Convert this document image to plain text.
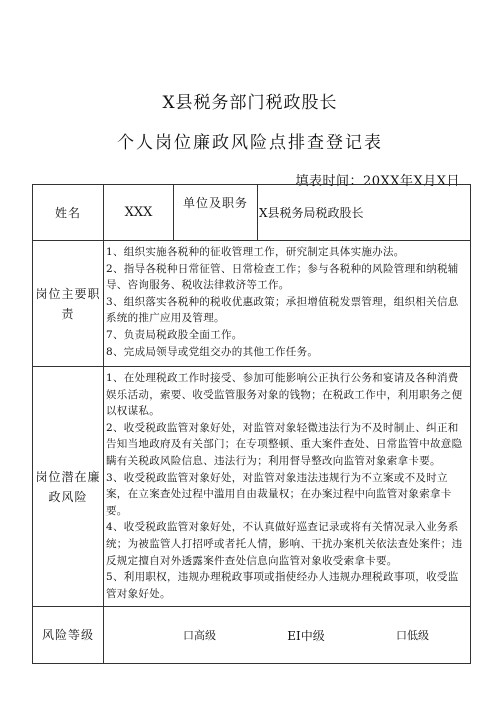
X县税务部门税政股长
个人岗位廉政风险点排查登记表
填表时间：20XX年X月X日
姓名	XXX	单位及职务	X县税务局税政股长
岗位主要职责	1、组织实施各税种的征收管理工作，研究制定具体实施办法。

2、指导各税种日常征管、日常检查工作；参与各税种的风险管理和纳税辅导、咨询服务、税收法律救济等工作。

3、组织落实各税种的税收优惠政策；承担增值税发票管理，组织相关信息系统的推广应用及管理。

7、负责局税政股全面工作。

8、完成局领导或党组交办的其他工作任务。		

岗位潜在廉政风险	1、在处理税政工作时接受、参加可能影响公正执行公务和宴请及各种消费娱乐活动，索要、收受监管服务对象的钱物；在税政工作中，利用职务之便以权谋私。

2、收受税政监管对象好处，对监管对象轻微违法行为不及时制止、纠正和告知当地政府及有关部门；在专项整顿、重大案件查处、日常监管中故意隐瞒有关税政风险信息、违法行为；利用督导整改向监管对象索拿卡要。

3、收受税政监管对象好处，对监管对象违法违规行为不立案或不及时立案，在立案查处过程中滥用自由裁量权；在办案过程中向监管对象索拿卡要。

4、收受税政监管对象好处，不认真做好巡查记录或将有关情况录入业务系统；为被监管人打招呼或者托人情，影响、干扰办案机关依法查处案件；违反规定擅自对外透露案件查处信息向监管对象收受索拿卡要。

5、利用职权，违规办理税政事项或指使经办人违规办理税政事项，收受监管对象好处。		

风险等级	口高级 EI中级 口低级		
